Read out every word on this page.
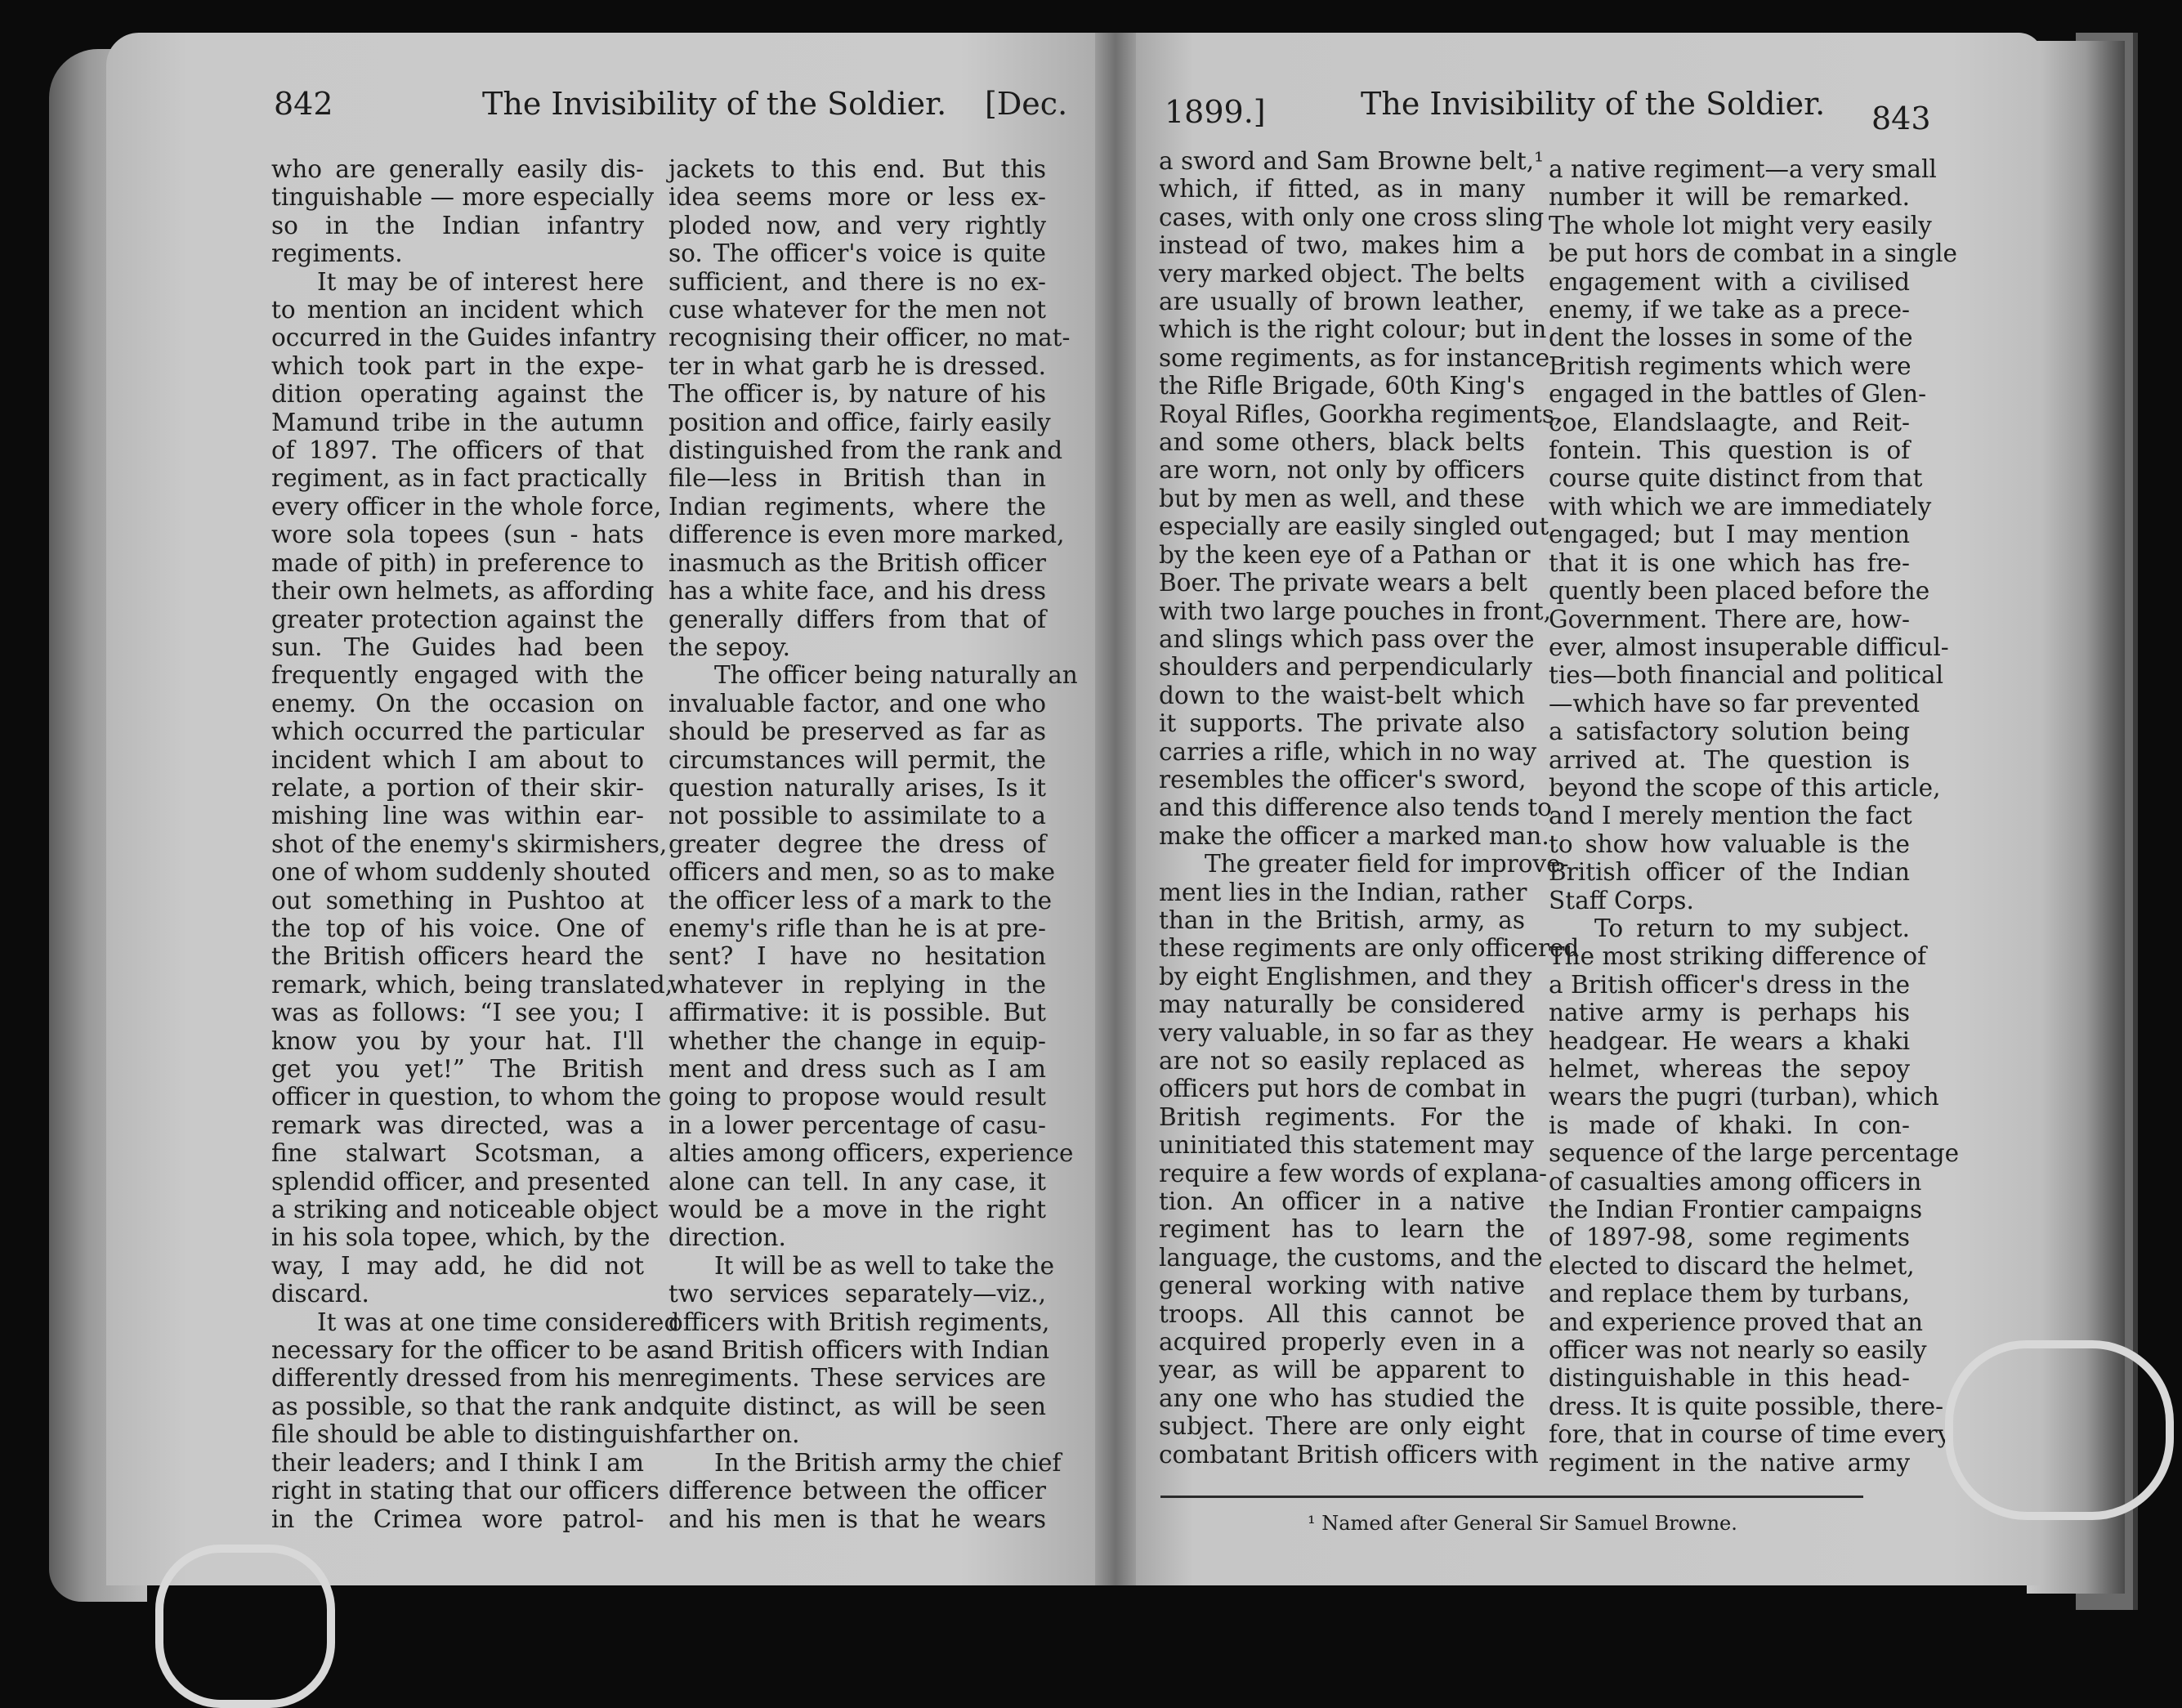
842	The Invisibility of the Soldier. [Dec.	1899.]	The Invisibility of the Soldier. 843
who are generally easily dis-
tinguishable — more especially
so in the Indian infantry
regiments.
It may be of interest here
to mention an incident which
occurred in the Guides infantry
which took part in the expe-
dition operating against the
Mamund tribe in the autumn
of 1897. The officers of that
regiment, as in fact practically
every officer in the whole force,
wore sola topees (sun - hats
made of pith) in preference to
their own helmets, as affording
greater protection against the
sun. The Guides had been
frequently engaged with the
enemy. On the occasion on
which occurred the particular
incident which I am about to
relate, a portion of their skir-
mishing line was within ear-
shot of the enemy's skirmishers,
one of whom suddenly shouted
out something in Pushtoo at
the top of his voice. One of
the British officers heard the
remark, which, being translated,
was as follows: “I see you; I
know you by your hat. I'll
get you yet!” The British
officer in question, to whom the
remark was directed, was a
fine stalwart Scotsman, a
splendid officer, and presented
a striking and noticeable object
in his sola topee, which, by the
way, I may add, he did not
discard.
It was at one time considered
necessary for the officer to be as
differently dressed from his men
as possible, so that the rank and
file should be able to distinguish
their leaders; and I think I am
right in stating that our officers
in the Crimea wore patrol-
jackets to this end. But this
idea seems more or less ex-
ploded now, and very rightly
so. The officer's voice is quite
sufficient, and there is no ex-
cuse whatever for the men not
recognising their officer, no mat-
ter in what garb he is dressed.
The officer is, by nature of his
position and office, fairly easily
distinguished from the rank and
file—less in British than in
Indian regiments, where the
difference is even more marked,
inasmuch as the British officer
has a white face, and his dress
generally differs from that of
the sepoy.
The officer being naturally an
invaluable factor, and one who
should be preserved as far as
circumstances will permit, the
question naturally arises, Is it
not possible to assimilate to a
greater degree the dress of
officers and men, so as to make
the officer less of a mark to the
enemy's rifle than he is at pre-
sent? I have no hesitation
whatever in replying in the
affirmative: it is possible. But
whether the change in equip-
ment and dress such as I am
going to propose would result
in a lower percentage of casu-
alties among officers, experience
alone can tell. In any case, it
would be a move in the right
direction.
It will be as well to take the
two services separately—viz.,
officers with British regiments,
and British officers with Indian
regiments. These services are
quite distinct, as will be seen
farther on.
In the British army the chief
difference between the officer
and his men is that he wears
a sword and Sam Browne belt,¹
which, if fitted, as in many
cases, with only one cross sling
instead of two, makes him a
very marked object. The belts
are usually of brown leather,
which is the right colour; but in
some regiments, as for instance
the Rifle Brigade, 60th King's
Royal Rifles, Goorkha regiments,
and some others, black belts
are worn, not only by officers
but by men as well, and these
especially are easily singled out
by the keen eye of a Pathan or
Boer. The private wears a belt
with two large pouches in front,
and slings which pass over the
shoulders and perpendicularly
down to the waist-belt which
it supports. The private also
carries a rifle, which in no way
resembles the officer's sword,
and this difference also tends to
make the officer a marked man.
The greater field for improve-
ment lies in the Indian, rather
than in the British, army, as
these regiments are only officered
by eight Englishmen, and they
may naturally be considered
very valuable, in so far as they
are not so easily replaced as
officers put hors de combat in
British regiments. For the
uninitiated this statement may
require a few words of explana-
tion. An officer in a native
regiment has to learn the
language, the customs, and the
general working with native
troops. All this cannot be
acquired properly even in a
year, as will be apparent to
any one who has studied the
subject. There are only eight
combatant British officers with
a native regiment—a very small
number it will be remarked.
The whole lot might very easily
be put hors de combat in a single
engagement with a civilised
enemy, if we take as a prece-
dent the losses in some of the
British regiments which were
engaged in the battles of Glen-
coe, Elandslaagte, and Reit-
fontein. This question is of
course quite distinct from that
with which we are immediately
engaged; but I may mention
that it is one which has fre-
quently been placed before the
Government. There are, how-
ever, almost insuperable difficul-
ties—both financial and political
—which have so far prevented
a satisfactory solution being
arrived at. The question is
beyond the scope of this article,
and I merely mention the fact
to show how valuable is the
British officer of the Indian
Staff Corps.
To return to my subject.
The most striking difference of
a British officer's dress in the
native army is perhaps his
headgear. He wears a khaki
helmet, whereas the sepoy
wears the pugri (turban), which
is made of khaki. In con-
sequence of the large percentage
of casualties among officers in
the Indian Frontier campaigns
of 1897-98, some regiments
elected to discard the helmet,
and replace them by turbans,
and experience proved that an
officer was not nearly so easily
distinguishable in this head-
dress. It is quite possible, there-
fore, that in course of time every
regiment in the native army
¹ Named after General Sir Samuel Browne.
